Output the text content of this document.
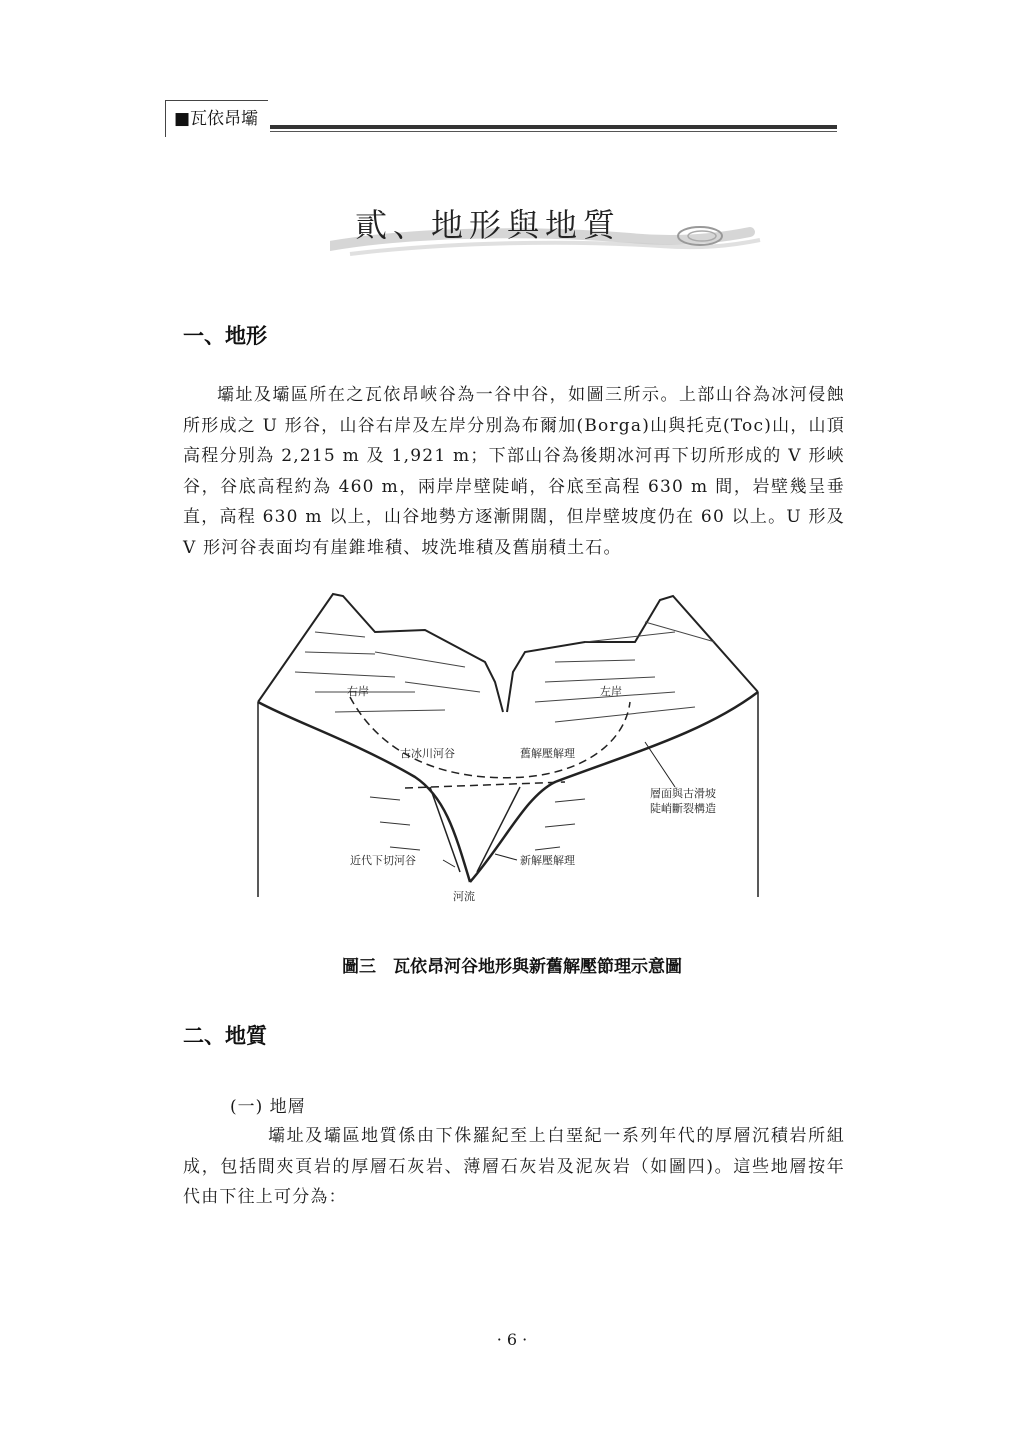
■瓦依昂壩
貳、地形與地質
一、地形
壩址及壩區所在之瓦依昂峽谷為一谷中谷，如圖三所示。上部山谷為冰河侵蝕所形成之 U 形谷，山谷右岸及左岸分別為布爾加(Borga)山與托克(Toc)山，山頂高程分別為 2,215 m 及 1,921 m；下部山谷為後期冰河再下切所形成的 V 形峽谷，谷底高程約為 460 m，兩岸岸壁陡峭，谷底至高程 630 m 間，岩壁幾呈垂直，高程 630 m 以上，山谷地勢方逐漸開闊，但岸壁坡度仍在 60 以上。U 形及 V 形河谷表面均有崖錐堆積、坡洗堆積及舊崩積土石。
右岸	左岸
古冰川河谷	舊解壓解理
層面與古滑坡
陡峭斷裂構造
近代下切河谷	新解壓解理
河流
圖三　瓦依昂河谷地形與新舊解壓節理示意圖
二、地質
(一) 地層
壩址及壩區地質係由下侏羅紀至上白堊紀一系列年代的厚層沉積岩所組成，包括間夾頁岩的厚層石灰岩、薄層石灰岩及泥灰岩（如圖四)。這些地層按年代由下往上可分為：
· 6 ·
